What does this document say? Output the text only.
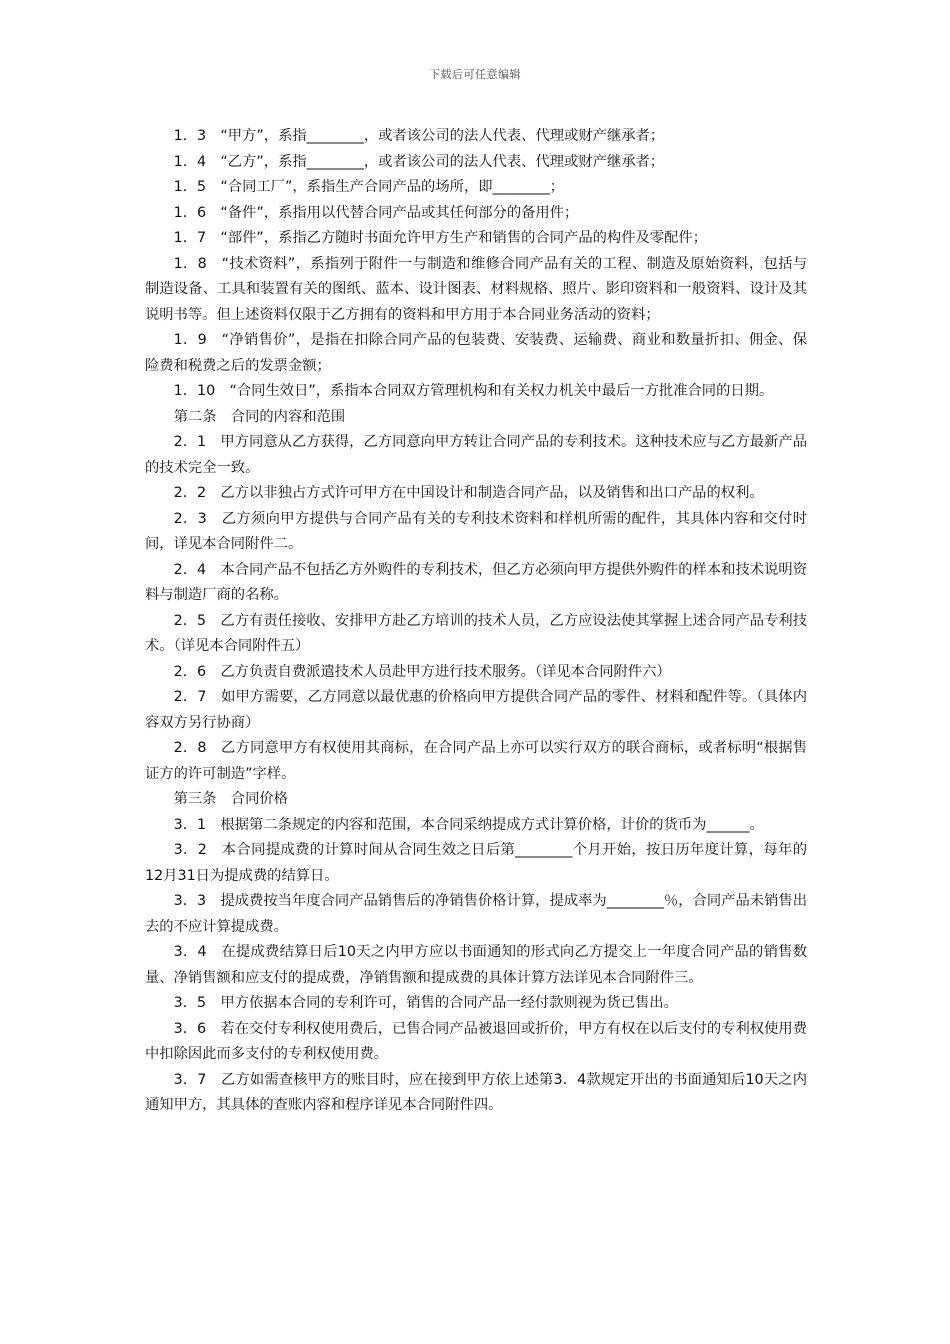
下载后可任意编辑

1．3　“甲方”，系指________，或者该公司的法人代表、代理或财产继承者；

1．4　“乙方”，系指________，或者该公司的法人代表、代理或财产继承者；

1．5　“合同工厂”，系指生产合同产品的场所，即________；

1．6　“备件”，系指用以代替合同产品或其任何部分的备用件；

1．7　“部件”，系指乙方随时书面允许甲方生产和销售的合同产品的构件及零配件；

1．8　“技术资料”，系指列于附件一与制造和维修合同产品有关的工程、制造及原始资料，包括与制造设备、工具和装置有关的图纸、蓝本、设计图表、材料规格、照片、影印资料和一般资料、设计及其说明书等。但上述资料仅限于乙方拥有的资料和甲方用于本合同业务活动的资料；

1．9　“净销售价”，是指在扣除合同产品的包装费、安装费、运输费、商业和数量折扣、佣金、保险费和税费之后的发票金额；

1．10　“合同生效日”，系指本合同双方管理机构和有关权力机关中最后一方批准合同的日期。

第二条　合同的内容和范围

2．1　甲方同意从乙方获得，乙方同意向甲方转让合同产品的专利技术。这种技术应与乙方最新产品的技术完全一致。

2．2　乙方以非独占方式许可甲方在中国设计和制造合同产品，以及销售和出口产品的权利。

2．3　乙方须向甲方提供与合同产品有关的专利技术资料和样机所需的配件，其具体内容和交付时间，详见本合同附件二。

2．4　本合同产品不包括乙方外购件的专利技术，但乙方必须向甲方提供外购件的样本和技术说明资料与制造厂商的名称。

2．5　乙方有责任接收、安排甲方赴乙方培训的技术人员，乙方应设法使其掌握上述合同产品专利技术。（详见本合同附件五）

2．6　乙方负责自费派遣技术人员赴甲方进行技术服务。（详见本合同附件六）

2．7　如甲方需要，乙方同意以最优惠的价格向甲方提供合同产品的零件、材料和配件等。（具体内容双方另行协商）

2．8　乙方同意甲方有权使用其商标，在合同产品上亦可以实行双方的联合商标，或者标明“根据售证方的许可制造”字样。

第三条　合同价格

3．1　根据第二条规定的内容和范围，本合同采纳提成方式计算价格，计价的货币为______。

3．2　本合同提成费的计算时间从合同生效之日后第________个月开始，按日历年度计算，每年的12月31日为提成费的结算日。

3．3　提成费按当年度合同产品销售后的净销售价格计算，提成率为________％，合同产品未销售出去的不应计算提成费。

3．4　在提成费结算日后10天之内甲方应以书面通知的形式向乙方提交上一年度合同产品的销售数量、净销售额和应支付的提成费，净销售额和提成费的具体计算方法详见本合同附件三。

3．5　甲方依据本合同的专利许可，销售的合同产品一经付款则视为货已售出。

3．6　若在交付专利权使用费后，已售合同产品被退回或折价，甲方有权在以后支付的专利权使用费中扣除因此而多支付的专利权使用费。

3．7　乙方如需查核甲方的账目时，应在接到甲方依上述第3．4款规定开出的书面通知后10天之内通知甲方，其具体的查账内容和程序详见本合同附件四。
